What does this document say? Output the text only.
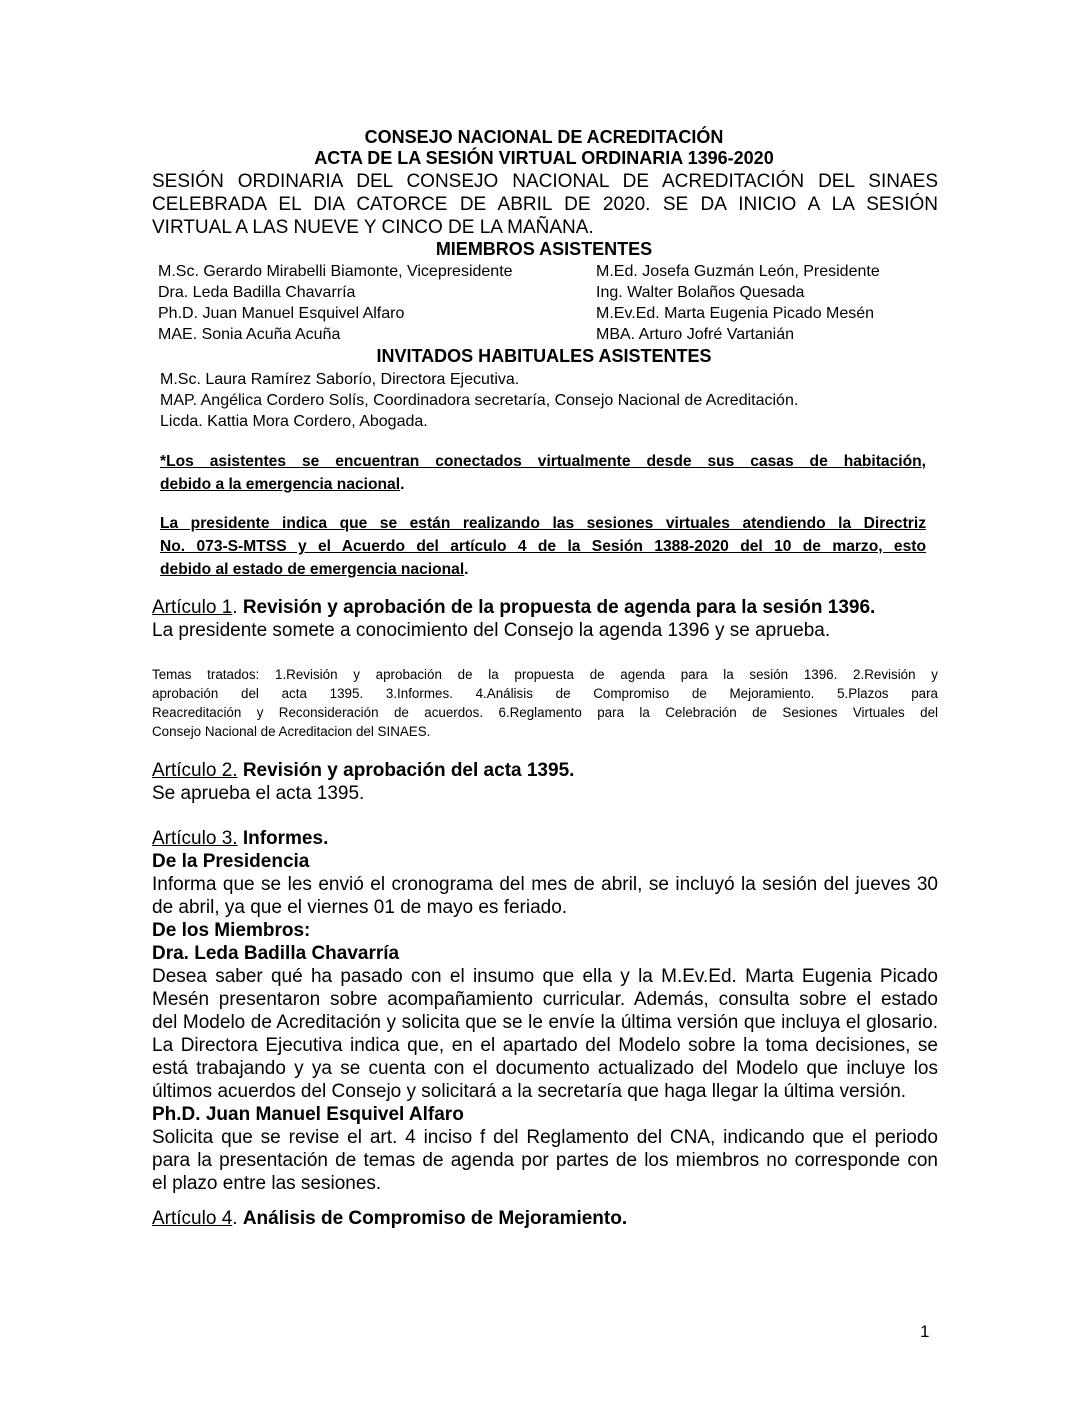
CONSEJO NACIONAL DE ACREDITACIÓN
ACTA DE LA SESIÓN VIRTUAL ORDINARIA 1396-2020
SESIÓN ORDINARIA DEL CONSEJO NACIONAL DE ACREDITACIÓN DEL SINAES
CELEBRADA EL DIA CATORCE DE ABRIL DE 2020. SE DA INICIO A LA SESIÓN
VIRTUAL A LAS NUEVE Y CINCO DE LA MAÑANA.
MIEMBROS ASISTENTES
M.Sc. Gerardo Mirabelli Biamonte, Vicepresidente	M.Ed. Josefa Guzmán León, Presidente
Dra. Leda Badilla Chavarría	Ing. Walter Bolaños Quesada
Ph.D. Juan Manuel Esquivel Alfaro	M.Ev.Ed. Marta Eugenia Picado Mesén
MAE. Sonia Acuña Acuña	MBA. Arturo Jofré Vartanián
INVITADOS HABITUALES ASISTENTES
M.Sc. Laura Ramírez Saborío, Directora Ejecutiva.
MAP. Angélica Cordero Solís, Coordinadora secretaría, Consejo Nacional de Acreditación.
Licda. Kattia Mora Cordero, Abogada.
*Los asistentes se encuentran conectados virtualmente desde sus casas de habitación,
debido a la emergencia nacional.
La presidente indica que se están realizando las sesiones virtuales atendiendo la Directriz
No. 073-S-MTSS y el Acuerdo del artículo 4 de la Sesión 1388-2020 del 10 de marzo, esto
debido al estado de emergencia nacional.
Artículo 1. Revisión y aprobación de la propuesta de agenda para la sesión 1396.
La presidente somete a conocimiento del Consejo la agenda 1396 y se aprueba.
Temas tratados: 1.Revisión y aprobación de la propuesta de agenda para la sesión 1396. 2.Revisión y
aprobación del acta 1395. 3.Informes. 4.Análisis de Compromiso de Mejoramiento. 5.Plazos para
Reacreditación y Reconsideración de acuerdos. 6.Reglamento para la Celebración de Sesiones Virtuales del
Consejo Nacional de Acreditacion del SINAES.
Artículo 2. Revisión y aprobación del acta 1395.
Se aprueba el acta 1395.
Artículo 3. Informes.
De la Presidencia
Informa que se les envió el cronograma del mes de abril, se incluyó la sesión del jueves 30
de abril, ya que el viernes 01 de mayo es feriado.
De los Miembros:
Dra. Leda Badilla Chavarría
Desea saber qué ha pasado con el insumo que ella y la M.Ev.Ed. Marta Eugenia Picado
Mesén presentaron sobre acompañamiento curricular. Además, consulta sobre el estado
del Modelo de Acreditación y solicita que se le envíe la última versión que incluya el glosario.
La Directora Ejecutiva indica que, en el apartado del Modelo sobre la toma decisiones, se
está trabajando y ya se cuenta con el documento actualizado del Modelo que incluye los
últimos acuerdos del Consejo y solicitará a la secretaría que haga llegar la última versión.
Ph.D. Juan Manuel Esquivel Alfaro
Solicita que se revise el art. 4 inciso f del Reglamento del CNA, indicando que el periodo
para la presentación de temas de agenda por partes de los miembros no corresponde con
el plazo entre las sesiones.
Artículo 4. Análisis de Compromiso de Mejoramiento.
1
